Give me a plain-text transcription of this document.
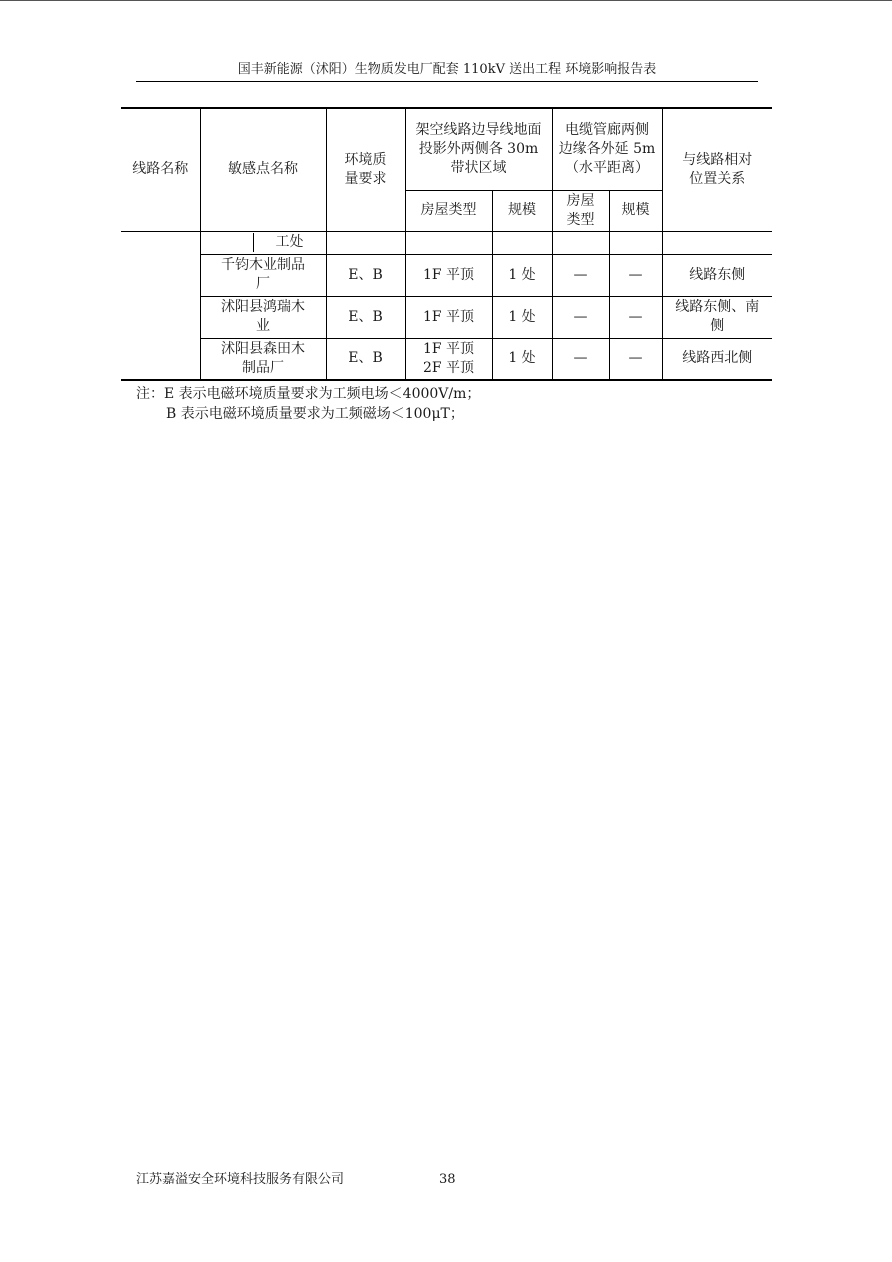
国丰新能源（沭阳）生物质发电厂配套 110kV 送出工程 环境影响报告表
线路名称	敏感点名称	环境质量要求	架空线路边导线地面投影外两侧各 30m 带状区域		电缆管廊两侧边缘各外延 5m（水平距离）		与线路相对位置关系
			房屋类型	规模	房屋类型	规模	

	工处						

	千钧木业制品厂	E、B	1F 平顶	1 处	—	—	线路东侧
	沭阳县鸿瑞木业	E、B	1F 平顶	1 处	—	—	线路东侧、南侧
	沭阳县森田木制品厂	E、B	1F 平顶 2F 平顶	1 处	—	—	线路西北侧
注：E 表示电磁环境质量要求为工频电场＜4000V/m；
B 表示电磁环境质量要求为工频磁场＜100μT；
江苏嘉溢安全环境科技服务有限公司	38
